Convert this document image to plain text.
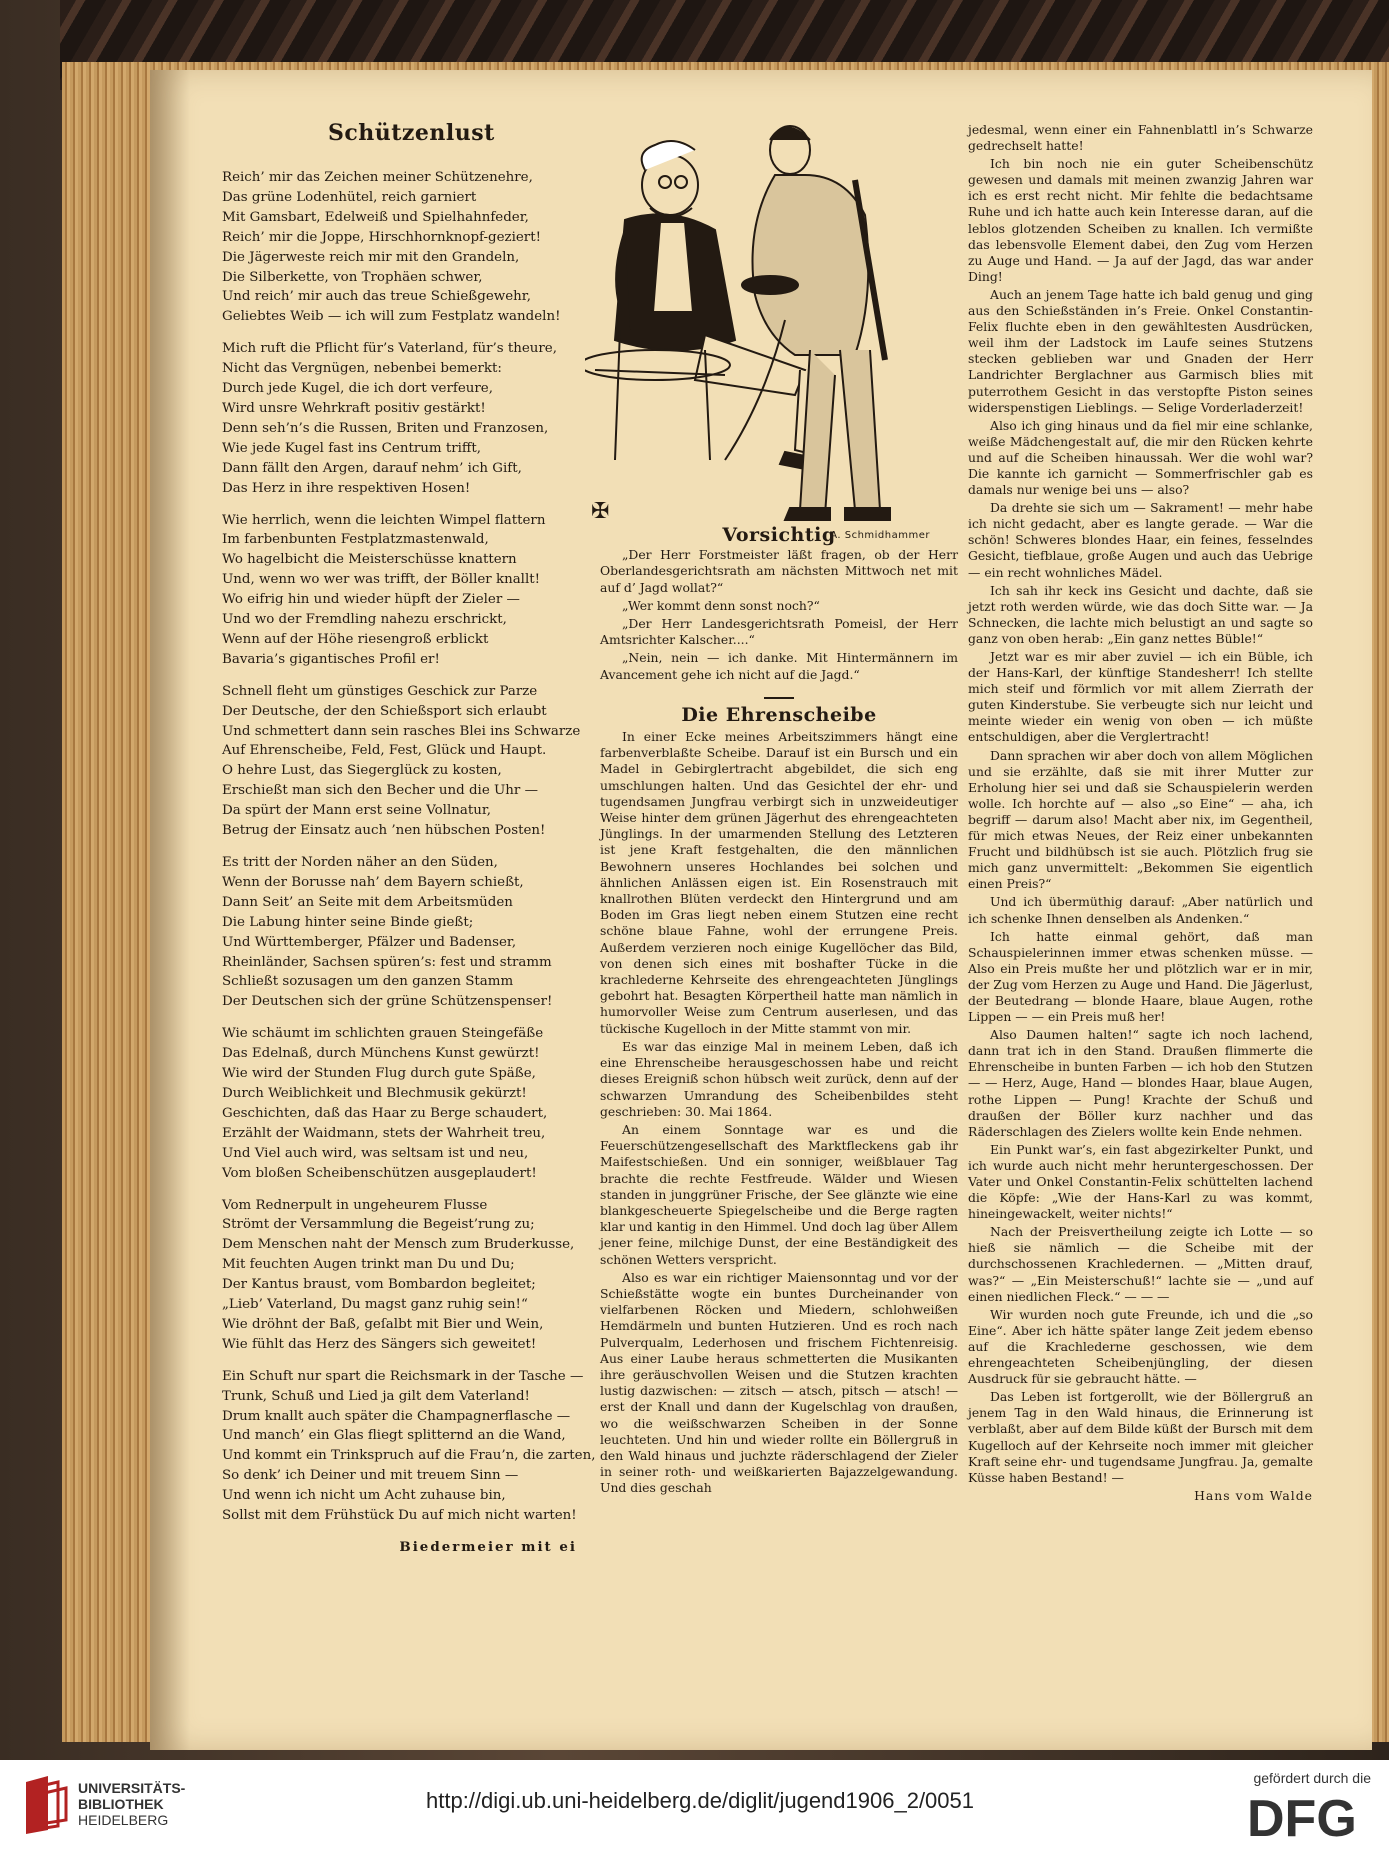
Schützenlust
Reich’ mir das Zeichen meiner Schützenehre,
Das grüne Lodenhütel, reich garniert
Mit Gamsbart, Edelweiß und Spielhahnfeder,
Reich’ mir die Joppe, Hirschhornknopf-geziert!
Die Jägerweste reich mir mit den Grandeln,
Die Silberkette, von Trophäen schwer,
Und reich’ mir auch das treue Schießgewehr,
Geliebtes Weib — ich will zum Festplatz wandeln!
Mich ruft die Pflicht für’s Vaterland, für’s theure,
Nicht das Vergnügen, nebenbei bemerkt:
Durch jede Kugel, die ich dort verfeure,
Wird unsre Wehrkraft positiv gestärkt!
Denn seh’n’s die Russen, Briten und Franzosen,
Wie jede Kugel fast ins Centrum trifft,
Dann fällt den Argen, darauf nehm’ ich Gift,
Das Herz in ihre respektiven Hosen!
Wie herrlich, wenn die leichten Wimpel flattern
Im farbenbunten Festplatzmastenwald,
Wo hagelbicht die Meisterschüsse knattern
Und, wenn wo wer was trifft, der Böller knallt!
Wo eifrig hin und wieder hüpft der Zieler —
Und wo der Fremdling nahezu erschrickt,
Wenn auf der Höhe riesengroß erblickt
Bavaria’s gigantisches Profil er!
Schnell fleht um günstiges Geschick zur Parze
Der Deutsche, der den Schießsport sich erlaubt
Und schmettert dann sein rasches Blei ins Schwarze
Auf Ehrenscheibe, Feld, Fest, Glück und Haupt.
O hehre Lust, das Siegerglück zu kosten,
Erschießt man sich den Becher und die Uhr —
Da spürt der Mann erst seine Vollnatur,
Betrug der Einsatz auch ’nen hübschen Posten!
Es tritt der Norden näher an den Süden,
Wenn der Borusse nah’ dem Bayern schießt,
Dann Seit’ an Seite mit dem Arbeitsmüden
Die Labung hinter seine Binde gießt;
Und Württemberger, Pfälzer und Badenser,
Rheinländer, Sachsen spüren’s: fest und stramm
Schließt sozusagen um den ganzen Stamm
Der Deutschen sich der grüne Schützenspenser!
Wie schäumt im schlichten grauen Steingefäße
Das Edelnaß, durch Münchens Kunst gewürzt!
Wie wird der Stunden Flug durch gute Späße,
Durch Weiblichkeit und Blechmusik gekürzt!
Geschichten, daß das Haar zu Berge schaudert,
Erzählt der Waidmann, stets der Wahrheit treu,
Und Viel auch wird, was seltsam ist und neu,
Vom bloßen Scheibenschützen ausgeplaudert!
Vom Rednerpult in ungeheurem Flusse
Strömt der Versammlung die Begeist’rung zu;
Dem Menschen naht der Mensch zum Bruderkusse,
Mit feuchten Augen trinkt man Du und Du;
Der Kantus braust, vom Bombardon begleitet;
„Lieb’ Vaterland, Du magst ganz ruhig sein!“
Wie dröhnt der Baß, geſalbt mit Bier und Wein,
Wie fühlt das Herz des Sängers sich geweitet!
Ein Schuft nur spart die Reichsmark in der Tasche —
Trunk, Schuß und Lied ja gilt dem Vaterland!
Drum knallt auch später die Champagnerflasche —
Und manch’ ein Glas fliegt splitternd an die Wand,
Und kommt ein Trinkspruch auf die Frau’n, die zarten,
So denk’ ich Deiner und mit treuem Sinn —
Und wenn ich nicht um Acht zuhause bin,
Sollst mit dem Frühstück Du auf mich nicht warten!
Biedermeier mit ei
✠
A. Schmidhammer
Vorsichtig

„Der Herr Forstmeister läßt fragen, ob der Herr Oberlandesgerichtsrath am nächsten Mittwoch net mit auf d’ Jagd wollat?“

„Wer kommt denn sonst noch?“

„Der Herr Landesgerichtsrath Pomeisl, der Herr Amtsrichter Kalscher....“

„Nein, nein — ich danke. Mit Hintermännern im Avancement gehe ich nicht auf die Jagd.“

Die Ehrenscheibe

In einer Ecke meines Arbeitszimmers hängt eine farbenverblaßte Scheibe. Darauf ist ein Bursch und ein Madel in Gebirglertracht abgebildet, die sich eng umschlungen halten. Und das Gesichtel der ehr- und tugendsamen Jungfrau verbirgt sich in unzweideutiger Weise hinter dem grünen Jägerhut des ehrengeachteten Jünglings. In der umarmenden Stellung des Letzteren ist jene Kraft festgehalten, die den männlichen Bewohnern unseres Hochlandes bei solchen und ähnlichen Anlässen eigen ist. Ein Rosenstrauch mit knallrothen Blüten verdeckt den Hintergrund und am Boden im Gras liegt neben einem Stutzen eine recht schöne blaue Fahne, wohl der errungene Preis. Außerdem verzieren noch einige Kugellöcher das Bild, von denen sich eines mit boshafter Tücke in die krachlederne Kehrseite des ehrengeachteten Jünglings gebohrt hat. Besagten Körpertheil hatte man nämlich in humorvoller Weise zum Centrum auserlesen, und das tückische Kugelloch in der Mitte stammt von mir.

Es war das einzige Mal in meinem Leben, daß ich eine Ehrenscheibe herausgeschossen habe und reicht dieses Ereigniß schon hübsch weit zurück, denn auf der schwarzen Umrandung des Scheibenbildes steht geschrieben: 30. Mai 1864.

An einem Sonntage war es und die Feuerschützengesellschaft des Marktfleckens gab ihr Maifestschießen. Und ein sonniger, weißblauer Tag brachte die rechte Festfreude. Wälder und Wiesen standen in junggrüner Frische, der See glänzte wie eine blankgescheuerte Spiegelscheibe und die Berge ragten klar und kantig in den Himmel. Und doch lag über Allem jener feine, milchige Dunst, der eine Beständigkeit des schönen Wetters verspricht.

Also es war ein richtiger Maiensonntag und vor der Schießstätte wogte ein buntes Durcheinander von vielfarbenen Röcken und Miedern, schlohweißen Hemdärmeln und bunten Hutzieren. Und es roch nach Pulverqualm, Lederhosen und frischem Fichtenreisig. Aus einer Laube heraus schmetterten die Musikanten ihre geräuschvollen Weisen und die Stutzen krachten lustig dazwischen: — zitsch — atsch, pitsch — atsch! — erst der Knall und dann der Kugelschlag von draußen, wo die weißschwarzen Scheiben in der Sonne leuchteten. Und hin und wieder rollte ein Böllergruß in den Wald hinaus und juchzte räderschlagend der Zieler in seiner roth- und weißkarierten Bajazzelgewandung. Und dies geschah

jedesmal, wenn einer ein Fahnenblattl in’s Schwarze gedrechselt hatte!

Ich bin noch nie ein guter Scheibenschütz gewesen und damals mit meinen zwanzig Jahren war ich es erst recht nicht. Mir fehlte die bedachtsame Ruhe und ich hatte auch kein Interesse daran, auf die leblos glotzenden Scheiben zu knallen. Ich vermißte das lebensvolle Element dabei, den Zug vom Herzen zu Auge und Hand. — Ja auf der Jagd, das war ander Ding!

Auch an jenem Tage hatte ich bald genug und ging aus den Schießständen in’s Freie. Onkel Constantin-Felix fluchte eben in den gewähltesten Ausdrücken, weil ihm der Ladstock im Laufe seines Stutzens stecken geblieben war und Gnaden der Herr Landrichter Berglachner aus Garmisch blies mit puterrothem Gesicht in das verstopfte Piston seines widerspenstigen Lieblings. — Selige Vorderladerzeit!

Also ich ging hinaus und da fiel mir eine schlanke, weiße Mädchengestalt auf, die mir den Rücken kehrte und auf die Scheiben hinaussah. Wer die wohl war? Die kannte ich garnicht — Sommerfrischler gab es damals nur wenige bei uns — also?

Da drehte sie sich um — Sakrament! — mehr habe ich nicht gedacht, aber es langte gerade. — War die schön! Schweres blondes Haar, ein feines, fesselndes Gesicht, tiefblaue, große Augen und auch das Uebrige — ein recht wohnliches Mädel.

Ich sah ihr keck ins Gesicht und dachte, daß sie jetzt roth werden würde, wie das doch Sitte war. — Ja Schnecken, die lachte mich belustigt an und sagte so ganz von oben herab: „Ein ganz nettes Büble!“

Jetzt war es mir aber zuviel — ich ein Büble, ich der Hans-Karl, der künftige Standesherr! Ich stellte mich steif und förmlich vor mit allem Zierrath der guten Kinderstube. Sie verbeugte sich nur leicht und meinte wieder ein wenig von oben — ich müßte entschuldigen, aber die Verglertracht!

Dann sprachen wir aber doch von allem Möglichen und sie erzählte, daß sie mit ihrer Mutter zur Erholung hier sei und daß sie Schauspielerin werden wolle. Ich horchte auf — also „so Eine“ — aha, ich begriff — darum also! Macht aber nix, im Gegentheil, für mich etwas Neues, der Reiz einer unbekannten Frucht und bildhübsch ist sie auch. Plötzlich frug sie mich ganz unvermittelt: „Bekommen Sie eigentlich einen Preis?“

Und ich übermüthig darauf: „Aber natürlich und ich schenke Ihnen denselben als Andenken.“

Ich hatte einmal gehört, daß man Schauspielerinnen immer etwas schenken müsse. — Also ein Preis mußte her und plötzlich war er in mir, der Zug vom Herzen zu Auge und Hand. Die Jägerlust, der Beutedrang — blonde Haare, blaue Augen, rothe Lippen — — ein Preis muß her!

Also Daumen halten!“ sagte ich noch lachend, dann trat ich in den Stand. Draußen flimmerte die Ehrenscheibe in bunten Farben — ich hob den Stutzen — — Herz, Auge, Hand — blondes Haar, blaue Augen, rothe Lippen — Pung! Krachte der Schuß und draußen der Böller kurz nachher und das Räderschlagen des Zielers wollte kein Ende nehmen.

Ein Punkt war’s, ein fast abgezirkelter Punkt, und ich wurde auch nicht mehr heruntergeschossen. Der Vater und Onkel Constantin-Felix schüttelten lachend die Köpfe: „Wie der Hans-Karl zu was kommt, hineingewackelt, weiter nichts!“

Nach der Preisvertheilung zeigte ich Lotte — so hieß sie nämlich — die Scheibe mit der durchschossenen Krachledernen. — „Mitten drauf, was?“ — „Ein Meisterschuß!“ lachte sie — „und auf einen niedlichen Fleck.“ — — —

Wir wurden noch gute Freunde, ich und die „so Eine“. Aber ich hätte später lange Zeit jedem ebenso auf die Krachlederne geschossen, wie dem ehrengeachteten Scheibenjüngling, der diesen Ausdruck für sie gebraucht hätte. —

Das Leben ist fortgerollt, wie der Böllergruß an jenem Tag in den Wald hinaus, die Erinnerung ist verblaßt, aber auf dem Bilde küßt der Bursch mit dem Kugelloch auf der Kehrseite noch immer mit gleicher Kraft seine ehr- und tugendsame Jungfrau. Ja, gemalte Küsse haben Bestand! —

Hans vom Walde
UNIVERSITÄTS-
BIBLIOTHEK
HEIDELBERG
http://digi.ub.uni-heidelberg.de/diglit/jugend1906_2/0051
gefördert durch die
DFG
